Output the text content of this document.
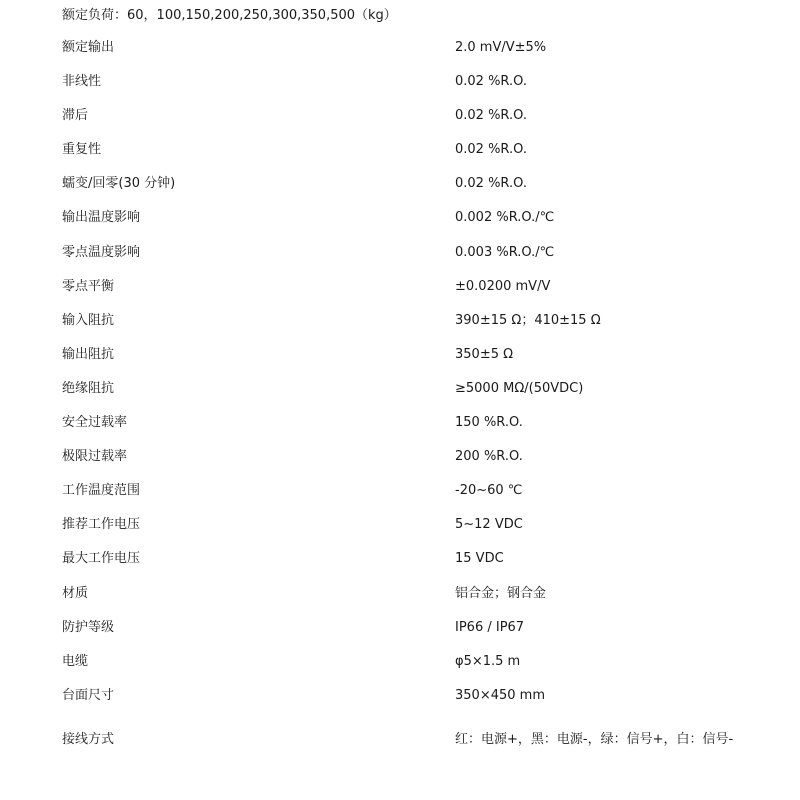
额定负荷：60，100,150,200,250,300,350,500（kg）
额定输出	2.0 mV/V±5%
非线性	0.02 %R.O.
滞后	0.02 %R.O.
重复性	0.02 %R.O.
蠕变/回零(30 分钟)	0.02 %R.O.
输出温度影响	0.002 %R.O./℃
零点温度影响	0.003 %R.O./℃
零点平衡	±0.0200 mV/V
输入阻抗	390±15 Ω；410±15 Ω
输出阻抗	350±5 Ω
绝缘阻抗	≥5000 MΩ/(50VDC)
安全过载率	150 %R.O.
极限过载率	200 %R.O.
工作温度范围	-20~60 ℃
推荐工作电压	5~12 VDC
最大工作电压	15 VDC
材质	铝合金；钢合金
防护等级	IP66 / IP67
电缆	φ5×1.5 m
台面尺寸	350×450 mm
接线方式	红：电源+，黑：电源-，绿：信号+，白：信号-
